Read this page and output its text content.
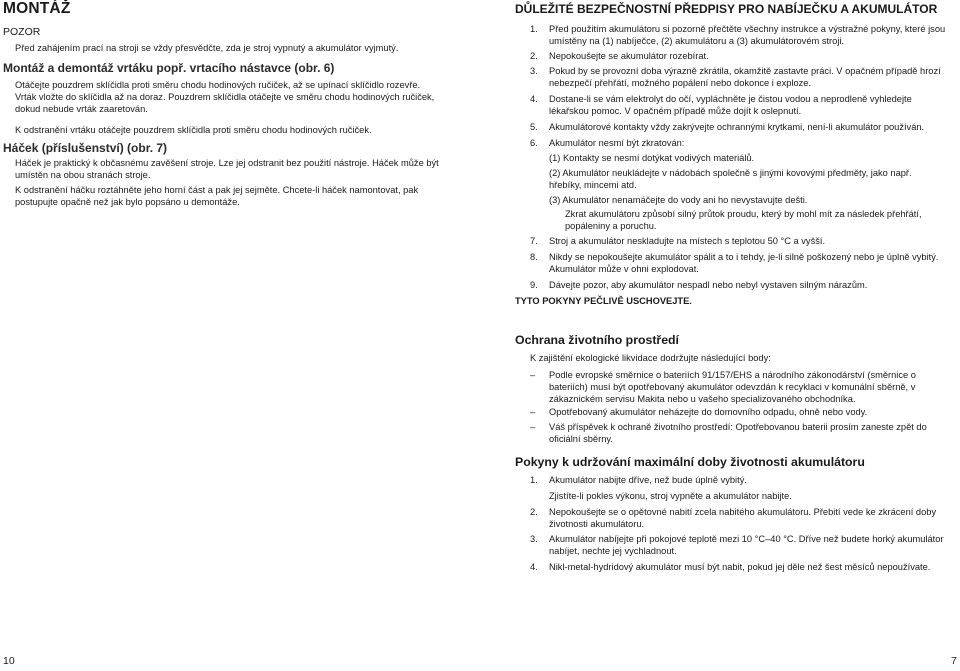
MONTÁŽ
POZOR

Před zahájením prací na stroji se vždy přesvědčte, zda je stroj vypnutý a akumulátor vyjmutý.

Montáž a demontáž vrtáku popř. vrtacího nástavce (obr. 6)

Otáčejte pouzdrem sklíčidla proti směru chodu hodinových ručiček, až se upínací sklíčidlo rozevře. Vrták vložte do sklíčidla až na doraz. Pouzdrem sklíčidla otáčejte ve směru chodu hodinových ručiček, dokud nebude vrták zaaretován.

K odstranění vrtáku otáčejte pouzdrem sklíčidla proti směru chodu hodinových ručiček.

Háček (příslušenství) (obr. 7)

Háček je praktický k občasnému zavěšení stroje. Lze jej odstranit bez použití nástroje. Háček může být umístěn na obou stranách stroje.

K odstranění háčku roztáhněte jeho horní část a pak jej sejměte. Chcete-li háček namontovat, pak postupujte opačně než jak bylo popsáno u demontáže.

DŮLEŽITÉ BEZPEČNOSTNÍ PŘEDPISY PRO NABÍJEČKU A AKUMULÁTOR
1. Před použitím akumulátoru si pozorně přečtěte všechny instrukce a výstražné pokyny, které jsou umístěny na (1) nabíječce, (2) akumulátoru a (3) akumulátorovém stroji.
2. Nepokoušejte se akumulátor rozebírat.
3. Pokud by se provozní doba výrazně zkrátila, okamžitě zastavte práci. V opačném případě hrozí nebezpečí přehřátí, možného popálení nebo dokonce i exploze.
4. Dostane-li se vám elektrolyt do očí, vypláchněte je čistou vodou a neprodleně vyhledejte lékařskou pomoc. V opačném případě může dojít k oslepnutí.
5. Akumulátorové kontakty vždy zakrývejte ochrannými krytkami, není-li akumulátor používán.
6. Akumulátor nesmí být zkratován:
7. Stroj a akumulátor neskladujte na místech s teplotou 50 °C a vyšší.
8. Nikdy se nepokoušejte akumulátor spálit a to i tehdy, je-li silně poškozený nebo je úplně vybitý. Akumulátor může v ohni explodovat.
9. Dávejte pozor, aby akumulátor nespadl nebo nebyl vystaven silným nárazům.
(1) Kontakty se nesmí dotýkat vodivých materiálů.
(2) Akumulátor neukládejte v nádobách společně s jinými kovovými předměty, jako např. hřebíky, mincemi atd.
(3) Akumulátor nenamáčejte do vody ani ho nevystavujte dešti.
Zkrat akumulátoru způsobí silný průtok proudu, který by mohl mít za následek přehřátí, popáleniny a poruchu.
TYTO POKYNY PEČLIVĚ USCHOVEJTE.
Ochrana životního prostředí

K zajištění ekologické likvidace dodržujte následující body:

– Podle evropské směrnice o bateriích 91/157/EHS a národního zákonodárství (směrnice o bateriích) musí být opotřebovaný akumulátor odevzdán k recyklaci v komunální sběrně, v zákaznickém servisu Makita nebo u vašeho specializovaného obchodníka.
– Opotřebovaný akumulátor neházejte do domovního odpadu, ohně nebo vody.
– Váš příspěvek k ochraně životního prostředí: Opotřebovanou baterii prosím zaneste zpět do oficiální sběrny.
Pokyny k udržování maximální doby životnosti akumulátoru
1. Akumulátor nabijte dříve, než bude úplně vybitý.
2. Nepokoušejte se o opětovné nabití zcela nabitého akumulátoru. Přebití vede ke zkrácení doby životnosti akumulátoru.
3. Akumulátor nabíjejte při pokojové teplotě mezi 10 °C–40 °C. Dříve než budete horký akumulátor nabíjet, nechte jej vychladnout.
4. Nikl-metal-hydridový akumulátor musí být nabit, pokud jej děle než šest měsíců nepoužívate.
Zjistíte-li pokles výkonu, stroj vypněte a akumulátor nabijte.
10	7
